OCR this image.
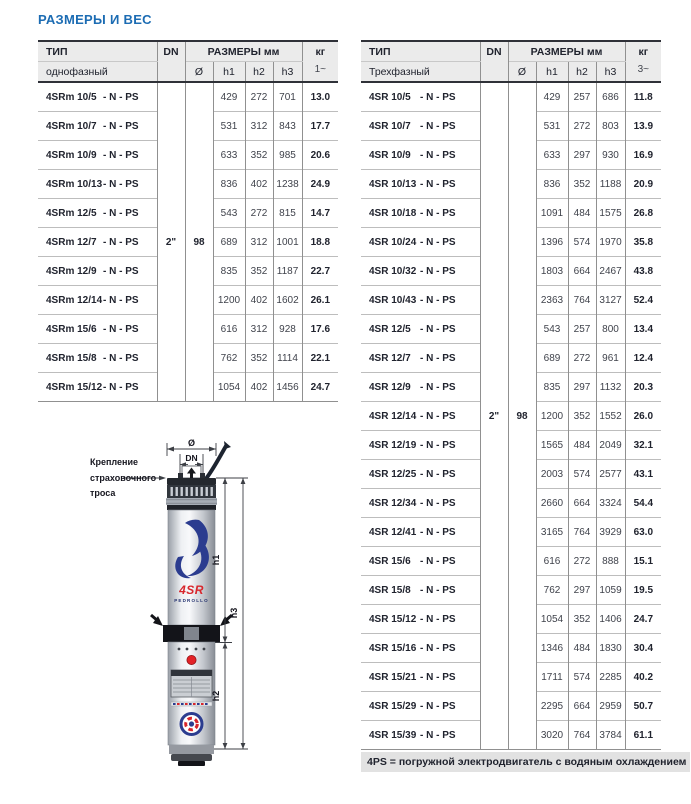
РАЗМЕРЫ И ВЕС
ТИП	DN	РАЗМЕРЫ мм				кг
1~

однофазный		Ø	h1	h2	h3	
4SRm 10/5 - N - PS	2"	98	429	272	701	13.0
4SRm 10/7 - N - PS			531	312	843	17.7
4SRm 10/9 - N - PS			633	352	985	20.6
4SRm 10/13- N - PS			836	402	1238	24.9
4SRm 12/5 - N - PS			543	272	815	14.7
4SRm 12/7 - N - PS			689	312	1001	18.8
4SRm 12/9 - N - PS			835	352	1187	22.7
4SRm 12/14- N - PS			1200	402	1602	26.1
4SRm 15/6 - N - PS			616	312	928	17.6
4SRm 15/8 - N - PS			762	352	1114	22.1
4SRm 15/12- N - PS			1054	402	1456	24.7
ТИП	DN	РАЗМЕРЫ мм				кг
3~

Трехфазный		Ø	h1	h2	h3	
4SR 10/5 - N - PS	2"	98	429	257	686	11.8
4SR 10/7 - N - PS			531	272	803	13.9
4SR 10/9 - N - PS			633	297	930	16.9
4SR 10/13 - N - PS			836	352	1188	20.9
4SR 10/18 - N - PS			1091	484	1575	26.8
4SR 10/24 - N - PS			1396	574	1970	35.8
4SR 10/32 - N - PS			1803	664	2467	43.8
4SR 10/43 - N - PS			2363	764	3127	52.4
4SR 12/5 - N - PS			543	257	800	13.4
4SR 12/7 - N - PS			689	272	961	12.4
4SR 12/9 - N - PS			835	297	1132	20.3
4SR 12/14 - N - PS			1200	352	1552	26.0
4SR 12/19 - N - PS			1565	484	2049	32.1
4SR 12/25 - N - PS			2003	574	2577	43.1
4SR 12/34 - N - PS			2660	664	3324	54.4
4SR 12/41 - N - PS			3165	764	3929	63.0
4SR 15/6 - N - PS			616	272	888	15.1
4SR 15/8 - N - PS			762	297	1059	19.5
4SR 15/12 - N - PS			1054	352	1406	24.7
4SR 15/16 - N - PS			1346	484	1830	30.4
4SR 15/21 - N - PS			1711	574	2285	40.2
4SR 15/29 - N - PS			2295	664	2959	50.7
4SR 15/39 - N - PS			3020	764	3784	61.1
Ø
DN
4SR
PEDROLLO
h1
h2
h3
Крепление страховочного троса
4PS = погружной электродвигатель с водяным охлаждением
